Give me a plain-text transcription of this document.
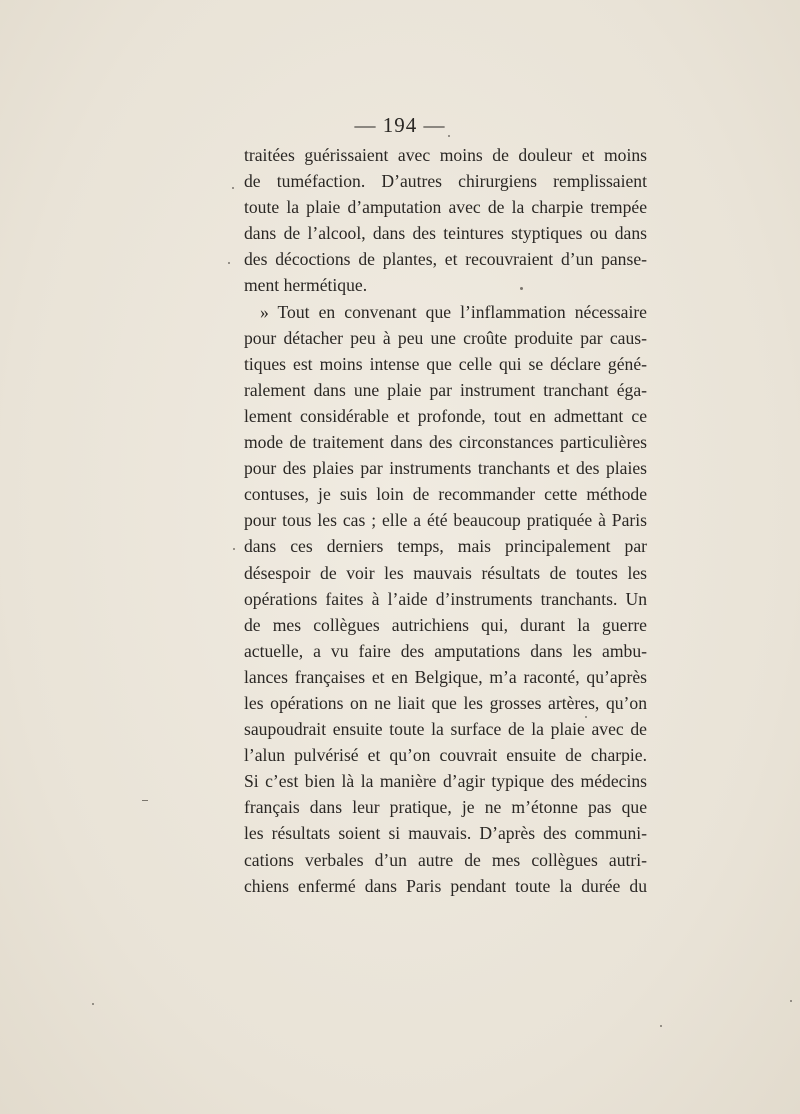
— 194 —
traitées guérissaient avec moins de douleur et moins
de tuméfaction. D’autres chirurgiens remplissaient
toute la plaie d’amputation avec de la charpie trempée
dans de l’alcool, dans des teintures styptiques ou dans
des décoctions de plantes, et recouvraient d’un panse-
ment hermétique.
» Tout en convenant que l’inflammation nécessaire
pour détacher peu à peu une croûte produite par caus-
tiques est moins intense que celle qui se déclare géné-
ralement dans une plaie par instrument tranchant éga-
lement considérable et profonde, tout en admettant ce
mode de traitement dans des circonstances particulières
pour des plaies par instruments tranchants et des plaies
contuses, je suis loin de recommander cette méthode
pour tous les cas ; elle a été beaucoup pratiquée à Paris
dans ces derniers temps, mais principalement par
désespoir de voir les mauvais résultats de toutes les
opérations faites à l’aide d’instruments tranchants. Un
de mes collègues autrichiens qui, durant la guerre
actuelle, a vu faire des amputations dans les ambu-
lances françaises et en Belgique, m’a raconté, qu’après
les opérations on ne liait que les grosses artères, qu’on
saupoudrait ensuite toute la surface de la plaie avec de
l’alun pulvérisé et qu’on couvrait ensuite de charpie.
Si c’est bien là la manière d’agir typique des médecins
français dans leur pratique, je ne m’étonne pas que
les résultats soient si mauvais. D’après des communi-
cations verbales d’un autre de mes collègues autri-
chiens enfermé dans Paris pendant toute la durée du
